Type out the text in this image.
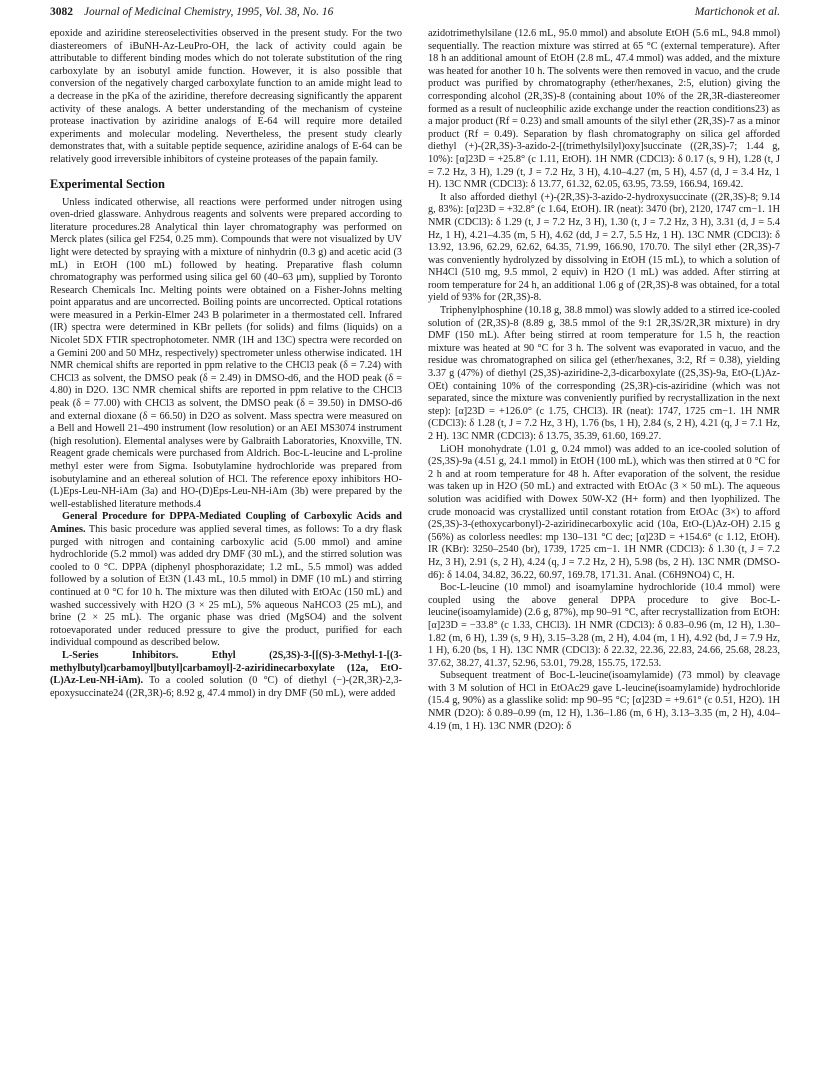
3082 Journal of Medicinal Chemistry, 1995, Vol. 38, No. 16	Martichonok et al.

epoxide and aziridine stereoselectivities observed in the present study. For the two diastereomers of iBuNH-Az-LeuPro-OH, the lack of activity could again be attributable to different binding modes which do not tolerate substitution of the ring carboxylate by an isobutyl amide function. However, it is also possible that conversion of the negatively charged carboxylate function to an amide might lead to a decrease in the pKa of the aziridine, therefore decreasing significantly the apparent activity of these analogs. A better understanding of the mechanism of cysteine protease inactivation by aziridine analogs of E-64 will require more detailed experiments and molecular modeling. Nevertheless, the present study clearly demonstrates that, with a suitable peptide sequence, aziridine analogs of E-64 can be relatively good irreversible inhibitors of cysteine proteases of the papain family.

Experimental Section

Unless indicated otherwise, all reactions were performed under nitrogen using oven-dried glassware. Anhydrous reagents and solvents were prepared according to literature procedures.28 Analytical thin layer chromatography was performed on Merck plates (silica gel F254, 0.25 mm). Compounds that were not visualized by UV light were detected by spraying with a mixture of ninhydrin (0.3 g) and acetic acid (3 mL) in EtOH (100 mL) followed by heating. Preparative flash column chromatography was performed using silica gel 60 (40–63 μm), supplied by Toronto Research Chemicals Inc. Melting points were obtained on a Fisher-Johns melting point apparatus and are uncorrected. Boiling points are uncorrected. Optical rotations were measured in a Perkin-Elmer 243 B polarimeter in a thermostated cell. Infrared (IR) spectra were determined in KBr pellets (for solids) and films (liquids) on a Nicolet 5DX FTIR spectrophotometer. NMR (1H and 13C) spectra were recorded on a Gemini 200 and 50 MHz, respectively) spectrometer unless otherwise indicated. 1H NMR chemical shifts are reported in ppm relative to the CHCl3 peak (δ = 7.24) with CHCl3 as solvent, the DMSO peak (δ = 2.49) in DMSO-d6, and the HOD peak (δ = 4.80) in D2O. 13C NMR chemical shifts are reported in ppm relative to the CHCl3 peak (δ = 77.00) with CHCl3 as solvent, the DMSO peak (δ = 39.50) in DMSO-d6 and external dioxane (δ = 66.50) in D2O as solvent. Mass spectra were measured on a Bell and Howell 21–490 instrument (low resolution) or an AEI MS3074 instrument (high resolution). Elemental analyses were by Galbraith Laboratories, Knoxville, TN. Reagent grade chemicals were purchased from Aldrich. Boc-L-leucine and L-proline methyl ester were from Sigma. Isobutylamine hydrochloride was prepared from isobutylamine and an ethereal solution of HCl. The reference epoxy inhibitors HO-(L)Eps-Leu-NH-iAm (3a) and HO-(D)Eps-Leu-NH-iAm (3b) were prepared by the well-established literature methods.4

General Procedure for DPPA-Mediated Coupling of Carboxylic Acids and Amines. This basic procedure was applied several times, as follows: To a dry flask purged with nitrogen and containing carboxylic acid (5.00 mmol) and amine hydrochloride (5.2 mmol) was added dry DMF (30 mL), and the stirred solution was cooled to 0 °C. DPPA (diphenyl phosphorazidate; 1.2 mL, 5.5 mmol) was added followed by a solution of Et3N (1.43 mL, 10.5 mmol) in DMF (10 mL) and stirring continued at 0 °C for 10 h. The mixture was then diluted with EtOAc (150 mL) and washed successively with H2O (3 × 25 mL), 5% aqueous NaHCO3 (25 mL), and brine (2 × 25 mL). The organic phase was dried (MgSO4) and the solvent rotoevaporated under reduced pressure to give the product, purified for each individual compound as described below.

L-Series Inhibitors. Ethyl (2S,3S)-3-[[(S)-3-Methyl-1-[(3-methylbutyl)carbamoyl]butyl]carbamoyl]-2-aziridinecarboxylate (12a, EtO-(L)Az-Leu-NH-iAm). To a cooled solution (0 °C) of diethyl (−)-(2R,3R)-2,3-epoxysuccinate24 ((2R,3R)-6; 8.92 g, 47.4 mmol) in dry DMF (50 mL), were added

azidotrimethylsilane (12.6 mL, 95.0 mmol) and absolute EtOH (5.6 mL, 94.8 mmol) sequentially. The reaction mixture was stirred at 65 °C (external temperature). After 18 h an additional amount of EtOH (2.8 mL, 47.4 mmol) was added, and the mixture was heated for another 10 h. The solvents were then removed in vacuo, and the crude product was purified by chromatography (ether/hexanes, 2:5, elution) giving the corresponding alcohol (2R,3S)-8 (containing about 10% of the 2R,3R-diastereomer formed as a result of nucleophilic azide exchange under the reaction conditions23) as a major product (Rf = 0.23) and small amounts of the silyl ether (2R,3S)-7 as a minor product (Rf = 0.49). Separation by flash chromatography on silica gel afforded diethyl (+)-(2R,3S)-3-azido-2-[(trimethylsilyl)oxy]succinate ((2R,3S)-7; 1.44 g, 10%): [α]23D = +25.8° (c 1.11, EtOH). 1H NMR (CDCl3): δ 0.17 (s, 9 H), 1.28 (t, J = 7.2 Hz, 3 H), 1.29 (t, J = 7.2 Hz, 3 H), 4.10–4.27 (m, 5 H), 4.57 (d, J = 3.4 Hz, 1 H). 13C NMR (CDCl3): δ 13.77, 61.32, 62.05, 63.95, 73.59, 166.94, 169.42.

It also afforded diethyl (+)-(2R,3S)-3-azido-2-hydroxysuccinate ((2R,3S)-8; 9.14 g, 83%): [α]23D = +32.8° (c 1.64, EtOH). IR (neat): 3470 (br), 2120, 1747 cm−1. 1H NMR (CDCl3): δ 1.29 (t, J = 7.2 Hz, 3 H), 1.30 (t, J = 7.2 Hz, 3 H), 3.31 (d, J = 5.4 Hz, 1 H), 4.21–4.35 (m, 5 H), 4.62 (dd, J = 2.7, 5.5 Hz, 1 H). 13C NMR (CDCl3): δ 13.92, 13.96, 62.29, 62.62, 64.35, 71.99, 166.90, 170.70. The silyl ether (2R,3S)-7 was conveniently hydrolyzed by dissolving in EtOH (15 mL), to which a solution of NH4Cl (510 mg, 9.5 mmol, 2 equiv) in H2O (1 mL) was added. After stirring at room temperature for 24 h, an additional 1.06 g of (2R,3S)-8 was obtained, for a total yield of 93% for (2R,3S)-8.

Triphenylphosphine (10.18 g, 38.8 mmol) was slowly added to a stirred ice-cooled solution of (2R,3S)-8 (8.89 g, 38.5 mmol of the 9:1 2R,3S/2R,3R mixture) in dry DMF (150 mL). After being stirred at room temperature for 1.5 h, the reaction mixture was heated at 90 °C for 3 h. The solvent was evaporated in vacuo, and the residue was chromatographed on silica gel (ether/hexanes, 3:2, Rf = 0.38), yielding 3.37 g (47%) of diethyl (2S,3S)-aziridine-2,3-dicarboxylate ((2S,3S)-9a, EtO-(L)Az-OEt) containing 10% of the corresponding (2S,3R)-cis-aziridine (which was not separated, since the mixture was conveniently purified by recrystallization in the next step): [α]23D = +126.0° (c 1.75, CHCl3). IR (neat): 1747, 1725 cm−1. 1H NMR (CDCl3): δ 1.28 (t, J = 7.2 Hz, 3 H), 1.76 (bs, 1 H), 2.84 (s, 2 H), 4.21 (q, J = 7.1 Hz, 2 H). 13C NMR (CDCl3): δ 13.75, 35.39, 61.60, 169.27.

LiOH monohydrate (1.01 g, 0.24 mmol) was added to an ice-cooled solution of (2S,3S)-9a (4.51 g, 24.1 mmol) in EtOH (100 mL), which was then stirred at 0 °C for 2 h and at room temperature for 48 h. After evaporation of the solvent, the residue was taken up in H2O (50 mL) and extracted with EtOAc (3 × 50 mL). The aqueous solution was acidified with Dowex 50W-X2 (H+ form) and then lyophilized. The crude monoacid was crystallized until constant rotation from EtOAc (3×) to afford (2S,3S)-3-(ethoxycarbonyl)-2-aziridinecarboxylic acid (10a, EtO-(L)Az-OH) 2.15 g (56%) as colorless needles: mp 130–131 °C dec; [α]23D = +154.6° (c 1.12, EtOH). IR (KBr): 3250–2540 (br), 1739, 1725 cm−1. 1H NMR (CDCl3): δ 1.30 (t, J = 7.2 Hz, 3 H), 2.91 (s, 2 H), 4.24 (q, J = 7.2 Hz, 2 H), 5.98 (bs, 2 H). 13C NMR (DMSO-d6): δ 14.04, 34.82, 36.22, 60.97, 169.78, 171.31. Anal. (C6H9NO4) C, H.

Boc-L-leucine (10 mmol) and isoamylamine hydrochloride (10.4 mmol) were coupled using the above general DPPA procedure to give Boc-L-leucine(isoamylamide) (2.6 g, 87%), mp 90–91 °C, after recrystallization from EtOH: [α]23D = −33.8° (c 1.33, CHCl3). 1H NMR (CDCl3): δ 0.83–0.96 (m, 12 H), 1.30–1.82 (m, 6 H), 1.39 (s, 9 H), 3.15–3.28 (m, 2 H), 4.04 (m, 1 H), 4.92 (bd, J = 7.9 Hz, 1 H), 6.20 (bs, 1 H). 13C NMR (CDCl3): δ 22.32, 22.36, 22.83, 24.66, 25.68, 28.23, 37.62, 38.27, 41.37, 52.96, 53.01, 79.28, 155.75, 172.53.

Subsequent treatment of Boc-L-leucine(isoamylamide) (73 mmol) by cleavage with 3 M solution of HCl in EtOAc29 gave L-leucine(isoamylamide) hydrochloride (15.4 g, 90%) as a glasslike solid: mp 90–95 °C; [α]23D = +9.61° (c 0.51, H2O). 1H NMR (D2O): δ 0.89–0.99 (m, 12 H), 1.36–1.86 (m, 6 H), 3.13–3.35 (m, 2 H), 4.04–4.19 (m, 1 H). 13C NMR (D2O): δ
